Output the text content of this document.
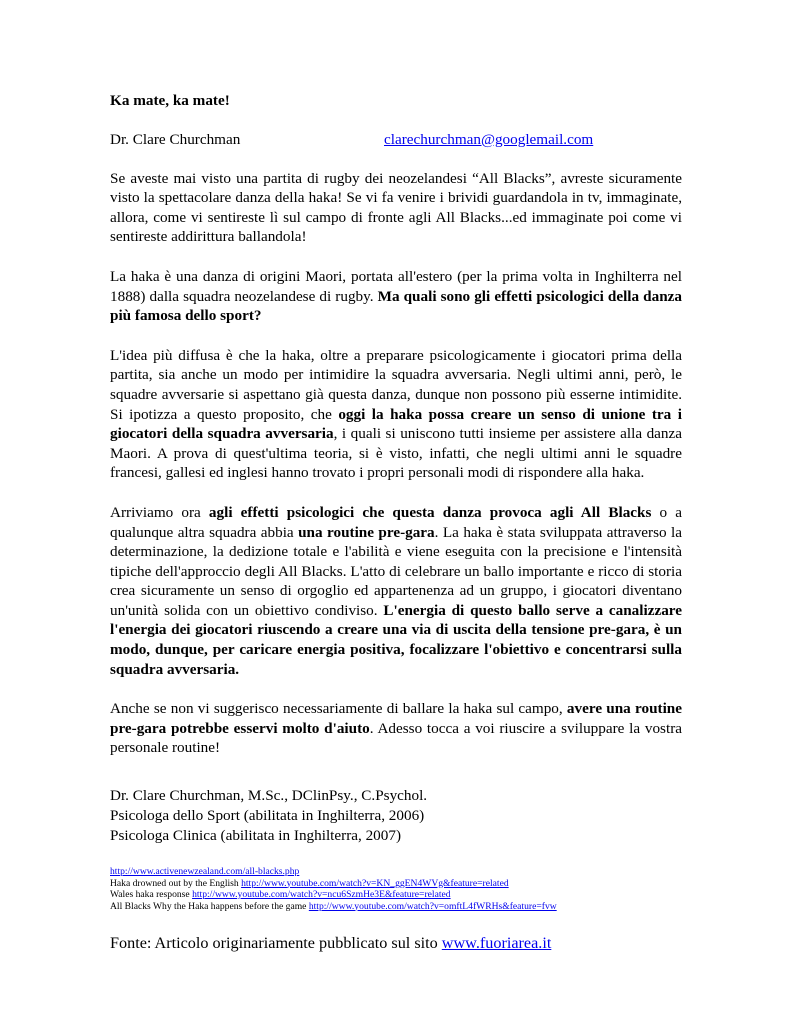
Ka mate, ka mate!
Dr. Clare Churchman	clarechurchman@googlemail.com
Se aveste mai visto una partita di rugby dei neozelandesi “All Blacks”, avreste sicuramente visto la spettacolare danza della haka! Se vi fa venire i brividi guardandola in tv, immaginate, allora, come vi sentireste lì sul campo di fronte agli All Blacks...ed immaginate poi come vi sentireste addirittura ballandola!
La haka è una danza di origini Maori, portata all'estero (per la prima volta in Inghilterra nel 1888) dalla squadra neozelandese di rugby. Ma quali sono gli effetti psicologici della danza più famosa dello sport?
L'idea più diffusa è che la haka, oltre a preparare psicologicamente i giocatori prima della partita, sia anche un modo per intimidire la squadra avversaria. Negli ultimi anni, però, le squadre avversarie si aspettano già questa danza, dunque non possono più esserne intimidite. Si ipotizza a questo proposito, che oggi la haka possa creare un senso di unione tra i giocatori della squadra avversaria, i quali si uniscono tutti insieme per assistere alla danza Maori. A prova di quest'ultima teoria, si è visto, infatti, che negli ultimi anni le squadre francesi, gallesi ed inglesi hanno trovato i propri personali modi di rispondere alla haka.
Arriviamo ora agli effetti psicologici che questa danza provoca agli All Blacks o a qualunque altra squadra abbia una routine pre-gara. La haka è stata sviluppata attraverso la determinazione, la dedizione totale e l'abilità e viene eseguita con la precisione e l'intensità tipiche dell'approccio degli All Blacks. L'atto di celebrare un ballo importante e ricco di storia crea sicuramente un senso di orgoglio ed appartenenza ad un gruppo, i giocatori diventano un'unità solida con un obiettivo condiviso. L'energia di questo ballo serve a canalizzare l'energia dei giocatori riuscendo a creare una via di uscita della tensione pre-gara, è un modo, dunque, per caricare energia positiva, focalizzare l'obiettivo e concentrarsi sulla squadra avversaria.
Anche se non vi suggerisco necessariamente di ballare la haka sul campo, avere una routine pre-gara potrebbe esservi molto d'aiuto. Adesso tocca a voi riuscire a sviluppare la vostra personale routine!
Dr. Clare Churchman, M.Sc., DClinPsy., C.Psychol.
Psicologa dello Sport (abilitata in Inghilterra, 2006)
Psicologa Clinica (abilitata in Inghilterra, 2007)
http://www.activenewzealand.com/all-blacks.php
Haka drowned out by the English http://www.youtube.com/watch?v=KN_ggEN4WVg&feature=related
Wales haka response http://www.youtube.com/watch?v=ncu6SzmHe3E&feature=related
All Blacks Why the Haka happens before the game http://www.youtube.com/watch?v=omftL4fWRHs&feature=fvw
Fonte: Articolo originariamente pubblicato sul sito www.fuoriarea.it
